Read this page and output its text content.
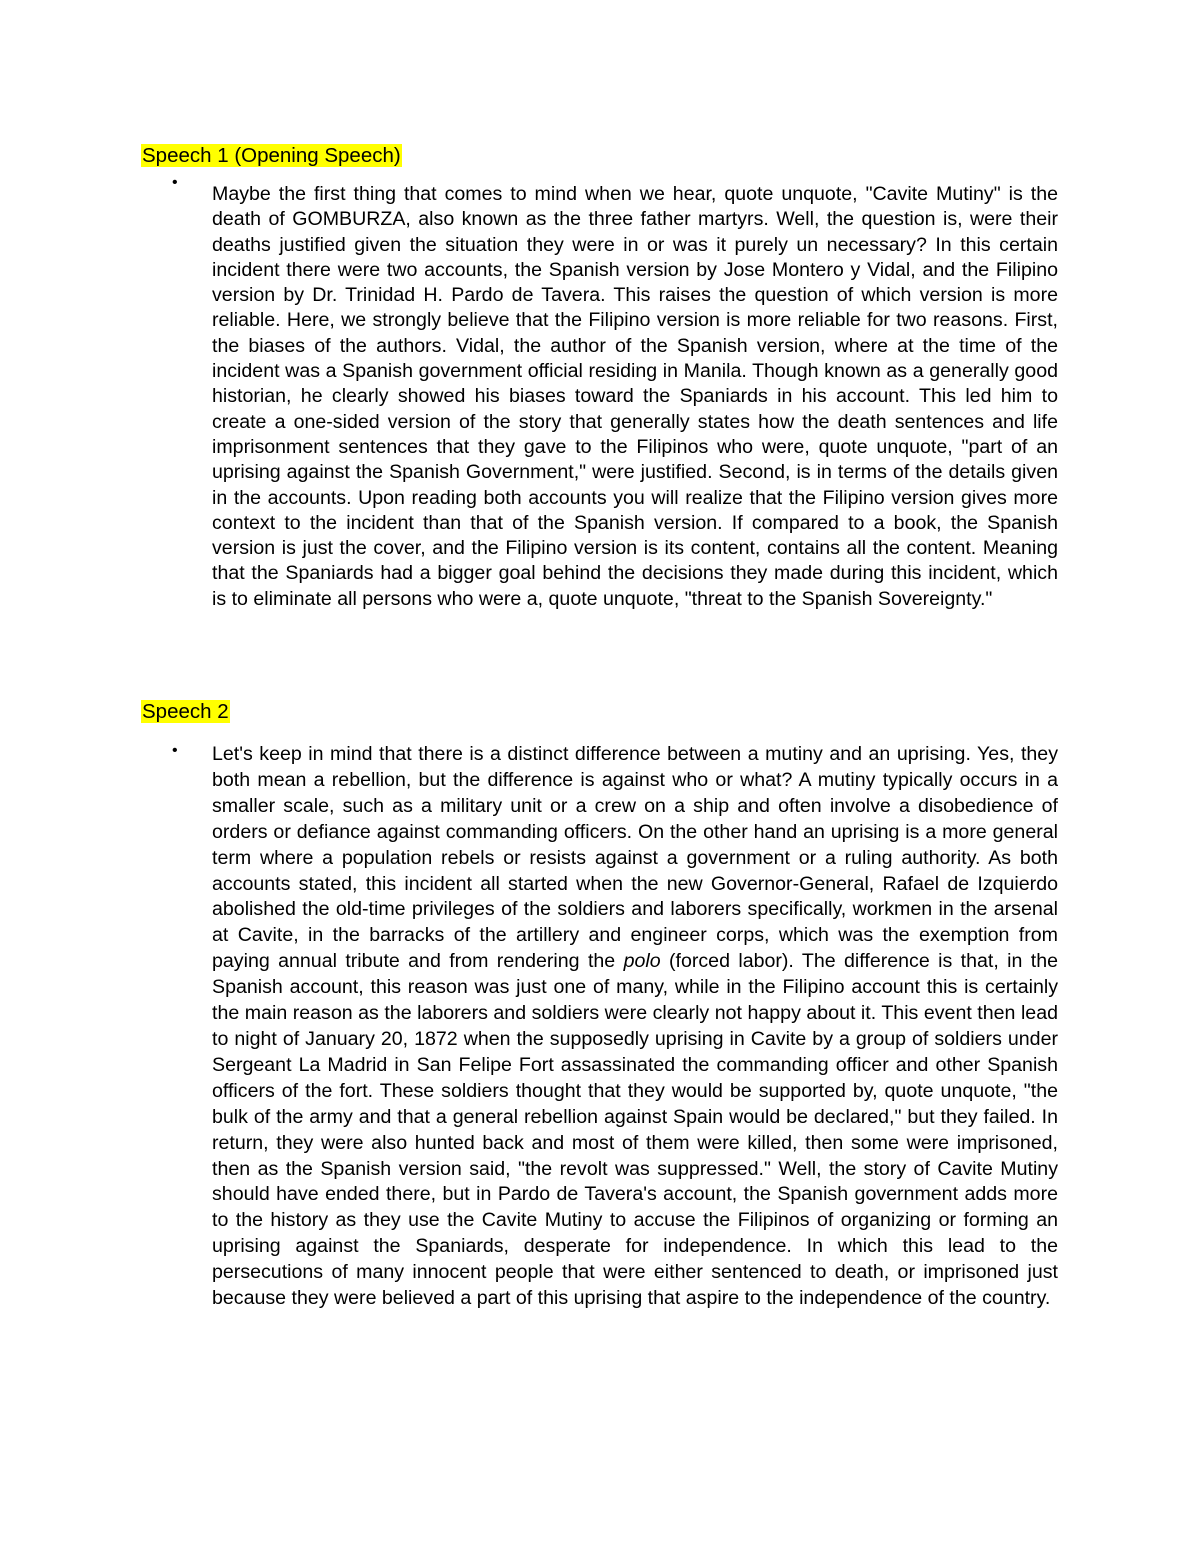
Speech 1 (Opening Speech)
•
Maybe the first thing that comes to mind when we hear, quote unquote, "Cavite Mutiny" is the death of GOMBURZA, also known as the three father martyrs. Well, the question is, were their deaths justified given the situation they were in or was it purely un necessary? In this certain incident there were two accounts, the Spanish version by Jose Montero y Vidal, and the Filipino version by Dr. Trinidad H. Pardo de Tavera. This raises the question of which version is more reliable. Here, we strongly believe that the Filipino version is more reliable for two reasons. First, the biases of the authors. Vidal, the author of the Spanish version, where at the time of the incident was a Spanish government official residing in Manila. Though known as a generally good historian, he clearly showed his biases toward the Spaniards in his account. This led him to create a one-sided version of the story that generally states how the death sentences and life imprisonment sentences that they gave to the Filipinos who were, quote unquote, "part of an uprising against the Spanish Government," were justified. Second, is in terms of the details given in the accounts. Upon reading both accounts you will realize that the Filipino version gives more context to the incident than that of the Spanish version. If compared to a book, the Spanish version is just the cover, and the Filipino version is its content, contains all the content. Meaning that the Spaniards had a bigger goal behind the decisions they made during this incident, which is to eliminate all persons who were a, quote unquote, "threat to the Spanish Sovereignty."
Speech 2
• Let's keep in mind that there is a distinct difference between a mutiny and an uprising. Yes, they both mean a rebellion, but the difference is against who or what? A mutiny typically occurs in a smaller scale, such as a military unit or a crew on a ship and often involve a disobedience of orders or defiance against commanding officers. On the other hand an uprising is a more general term where a population rebels or resists against a government or a ruling authority. As both accounts stated, this incident all started when the new Governor-General, Rafael de Izquierdo abolished the old-time privileges of the soldiers and laborers specifically, workmen in the arsenal at Cavite, in the barracks of the artillery and engineer corps, which was the exemption from paying annual tribute and from rendering the polo (forced labor). The difference is that, in the Spanish account, this reason was just one of many, while in the Filipino account this is certainly the main reason as the laborers and soldiers were clearly not happy about it. This event then lead to night of January 20, 1872 when the supposedly uprising in Cavite by a group of soldiers under Sergeant La Madrid in San Felipe Fort assassinated the commanding officer and other Spanish officers of the fort. These soldiers thought that they would be supported by, quote unquote, "the bulk of the army and that a general rebellion against Spain would be declared," but they failed. In return, they were also hunted back and most of them were killed, then some were imprisoned, then as the Spanish version said, "the revolt was suppressed." Well, the story of Cavite Mutiny should have ended there, but in Pardo de Tavera's account, the Spanish government adds more to the history as they use the Cavite Mutiny to accuse the Filipinos of organizing or forming an uprising against the Spaniards, desperate for independence. In which this lead to the persecutions of many innocent people that were either sentenced to death, or imprisoned just because they were believed a part of this uprising that aspire to the independence of the country.
